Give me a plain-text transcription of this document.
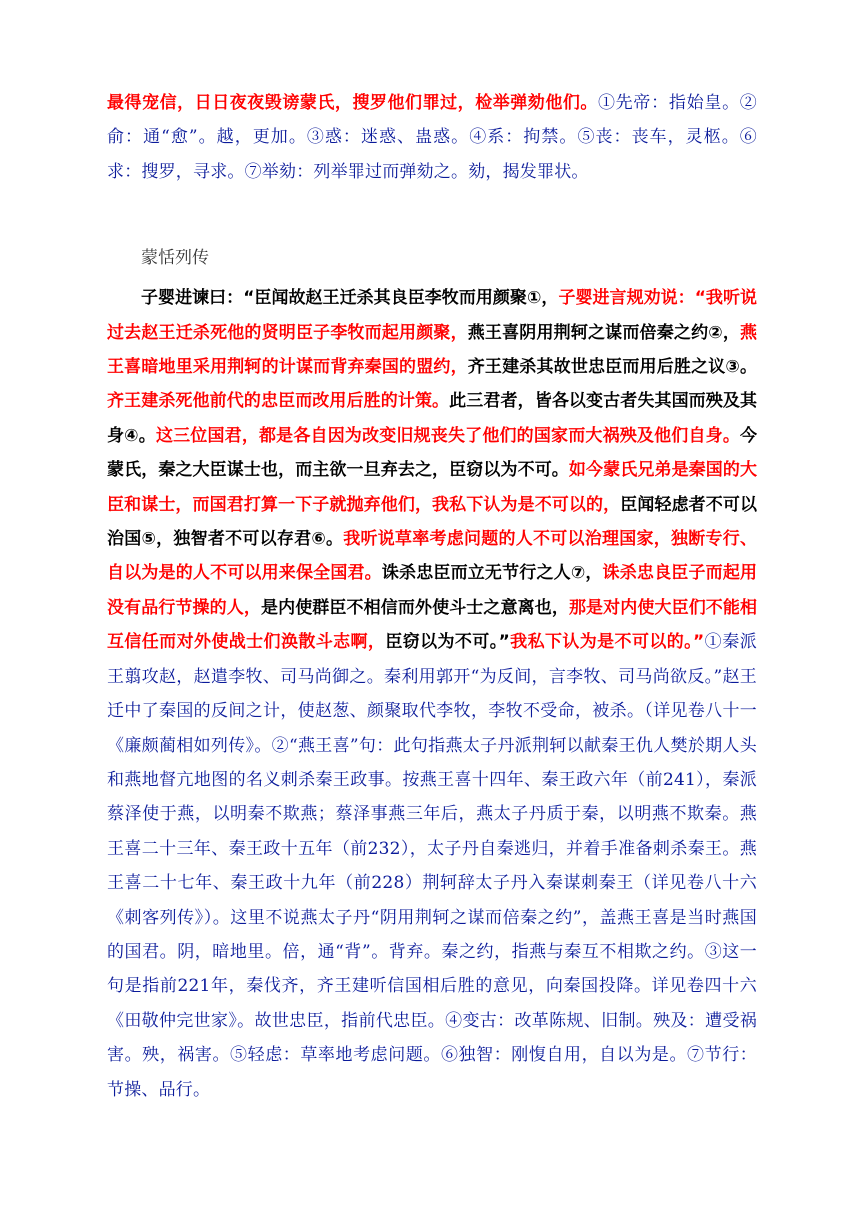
最得宠信，日日夜夜毁谤蒙氏，搜罗他们罪过，检举弹劾他们。①先帝：指始皇。②俞：通“愈”。越，更加。③惑：迷惑、蛊惑。④系：拘禁。⑤丧：丧车，灵柩。⑥求：搜罗，寻求。⑦举劾：列举罪过而弹劾之。劾，揭发罪状。

蒙恬列传

子婴进谏曰：“臣闻故赵王迁杀其良臣李牧而用颜聚①，子婴进言规劝说：“我听说过去赵王迁杀死他的贤明臣子李牧而起用颜聚，燕王喜阴用荆轲之谋而倍秦之约②，燕王喜暗地里采用荆轲的计谋而背弃秦国的盟约，齐王建杀其故世忠臣而用后胜之议③。齐王建杀死他前代的忠臣而改用后胜的计策。此三君者，皆各以变古者失其国而殃及其身④。这三位国君，都是各自因为改变旧规丧失了他们的国家而大祸殃及他们自身。今蒙氏，秦之大臣谋士也，而主欲一旦弃去之，臣窃以为不可。如今蒙氏兄弟是秦国的大臣和谋士，而国君打算一下子就抛弃他们，我私下认为是不可以的，臣闻轻虑者不可以治国⑤，独智者不可以存君⑥。我听说草率考虑问题的人不可以治理国家，独断专行、自以为是的人不可以用来保全国君。诛杀忠臣而立无节行之人⑦，诛杀忠良臣子而起用没有品行节操的人，是内使群臣不相信而外使斗士之意离也，那是对内使大臣们不能相互信任而对外使战士们涣散斗志啊，臣窃以为不可。”我私下认为是不可以的。”①秦派王翦攻赵，赵遣李牧、司马尚御之。秦利用郭开“为反间，言李牧、司马尚欲反。”赵王迁中了秦国的反间之计，使赵葱、颜聚取代李牧，李牧不受命，被杀。（详见卷八十一《廉颇蔺相如列传》。②“燕王喜”句：此句指燕太子丹派荆轲以献秦王仇人樊於期人头和燕地督亢地图的名义刺杀秦王政事。按燕王喜十四年、秦王政六年（前241），秦派蔡泽使于燕，以明秦不欺燕；蔡泽事燕三年后，燕太子丹质于秦，以明燕不欺秦。燕王喜二十三年、秦王政十五年（前232），太子丹自秦逃归，并着手准备刺杀秦王。燕王喜二十七年、秦王政十九年（前228）荆轲辞太子丹入秦谋刺秦王（详见卷八十六《刺客列传》）。这里不说燕太子丹“阴用荆轲之谋而倍秦之约”，盖燕王喜是当时燕国的国君。阴，暗地里。倍，通“背”。背弃。秦之约，指燕与秦互不相欺之约。③这一句是指前221年，秦伐齐，齐王建听信国相后胜的意见，向秦国投降。详见卷四十六《田敬仲完世家》。故世忠臣，指前代忠臣。④变古：改革陈规、旧制。殃及：遭受祸害。殃，祸害。⑤轻虑：草率地考虑问题。⑥独智：刚愎自用，自以为是。⑦节行：节操、品行。
